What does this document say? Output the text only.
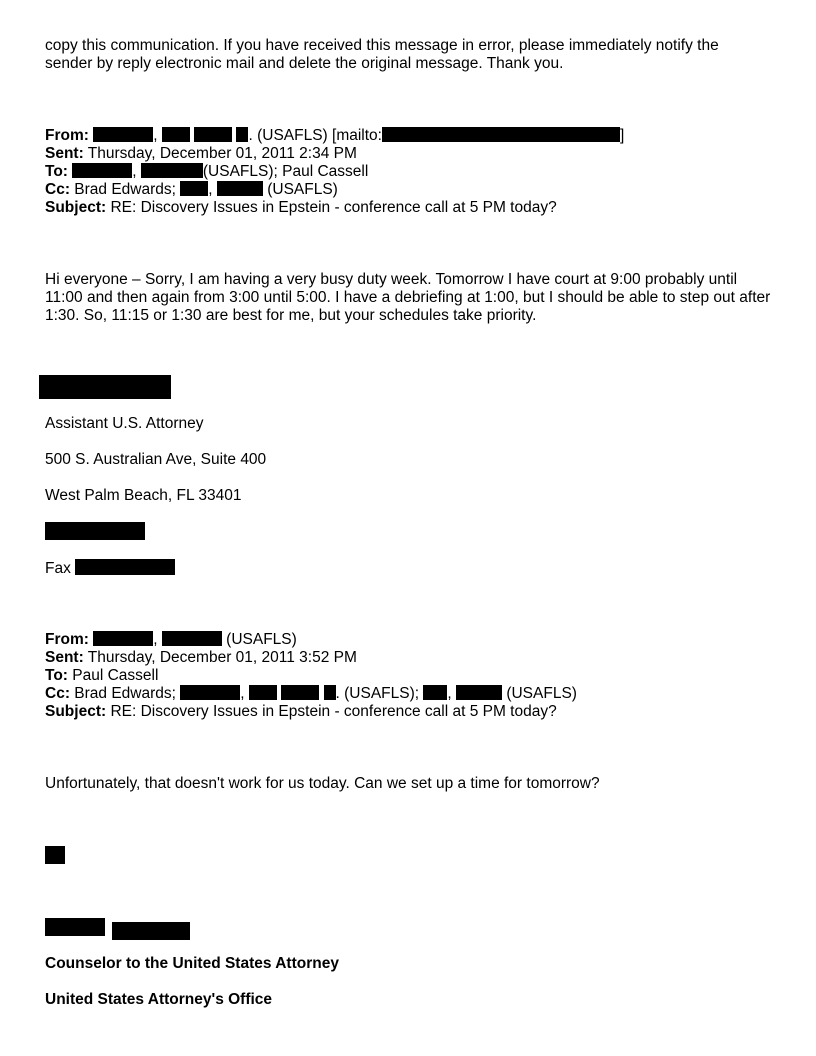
copy this communication. If you have received this message in error, please immediately notify the
sender by reply electronic mail and delete the original message. Thank you.
From:	,	. (USAFLS) [mailto:	]
Sent: Thursday, December 01, 2011 2:34 PM
To:	,	(USAFLS); Paul Cassell
Cc: Brad Edwards; ,	(USAFLS)
Subject: RE: Discovery Issues in Epstein - conference call at 5 PM today?
Hi everyone – Sorry, I am having a very busy duty week. Tomorrow I have court at 9:00 probably until 11:00 and then again from 3:00 until 5:00. I have a debriefing at 1:00, but I should be able to step out after 1:30. So, 11:15 or 1:30 are best for me, but your schedules take priority.
Assistant U.S. Attorney
500 S. Australian Ave, Suite 400
West Palm Beach, FL 33401
Fax
From:	,	(USAFLS)
Sent: Thursday, December 01, 2011 3:52 PM
To: Paul Cassell
Cc: Brad Edwards;	,	. (USAFLS); ,	(USAFLS)
Subject: RE: Discovery Issues in Epstein - conference call at 5 PM today?
Unfortunately, that doesn't work for us today. Can we set up a time for tomorrow?
Counselor to the United States Attorney
United States Attorney's Office
